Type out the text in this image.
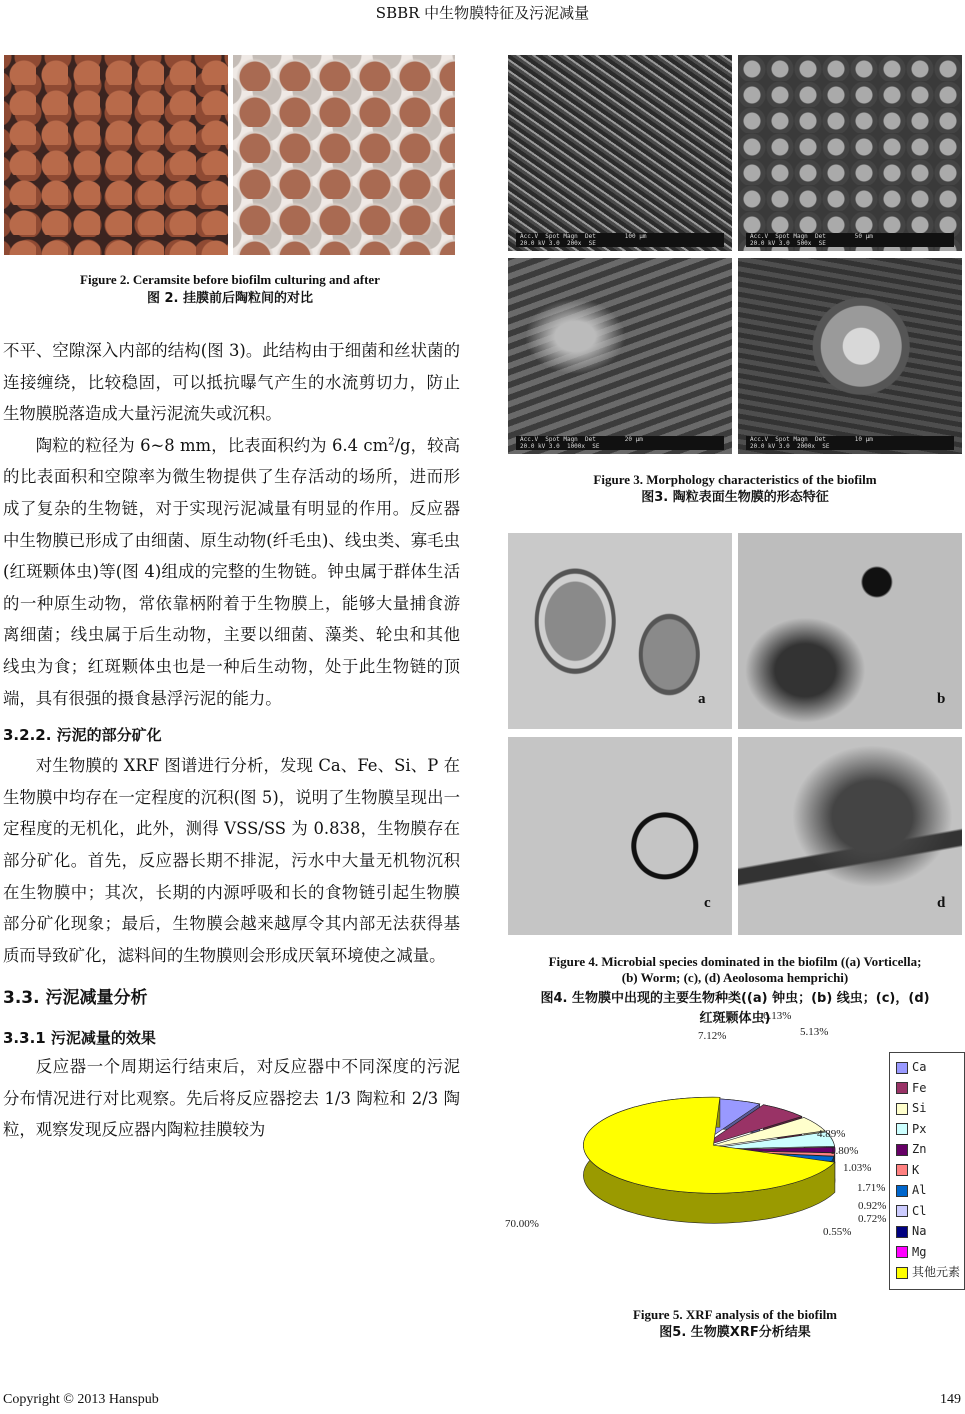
SBBR 中生物膜特征及污泥减量
Figure 2. Ceramsite before biofilm culturing and after
图 2. 挂膜前后陶粒间的对比
Acc.V  Spot Magn  Det        100 μm
20.0 kV 3.0  200x  SE
Acc.V  Spot Magn  Det        50 μm
20.0 kV 3.0  500x  SE
Acc.V  Spot Magn  Det        20 μm
20.0 kV 3.0  1000x  SE
Acc.V  Spot Magn  Det        10 μm
20.0 kV 3.0  2000x  SE
Figure 3. Morphology characteristics of the biofilm
图3. 陶粒表面生物膜的形态特征
a	b
c	d
Figure 4. Microbial species dominated in the biofilm ((a) Vorticella;
(b) Worm; (c), (d) Aeolosoma hemprichi)
图4. 生物膜中出现的主要生物种类((a) 钟虫；(b) 线虫；(c)，(d)
红斑颗体虫)
7.12%
6.13%
5.13%
4.89%
1.80%
1.03%
1.71%
0.92%
0.72%
0.55%
70.00%
Ca
Fe
Si
Px
Zn
K
Al
Cl
Na
Mg
其他元素
Figure 5. XRF analysis of the biofilm
图5. 生物膜XRF分析结果

不平、空隙深入内部的结构(图 3)。此结构由于细菌和丝状菌的连接缠绕，比较稳固，可以抵抗曝气产生的水流剪切力，防止生物膜脱落造成大量污泥流失或沉积。

陶粒的粒径为 6~8 mm，比表面积约为 6.4 $cm^2/g$，较高的比表面积和空隙率为微生物提供了生存活动的场所，进而形成了复杂的生物链，对于实现污泥减量有明显的作用。反应器中生物膜已形成了由细菌、原生动物(纤毛虫)、线虫类、寡毛虫(红斑颗体虫)等(图 4)组成的完整的生物链。钟虫属于群体生活的一种原生动物，常依靠柄附着于生物膜上，能够大量捕食游离细菌；线虫属于后生动物，主要以细菌、藻类、轮虫和其他线虫为食；红斑颗体虫也是一种后生动物，处于此生物链的顶端，具有很强的摄食悬浮污泥的能力。

3.2.2. 污泥的部分矿化

对生物膜的 XRF 图谱进行分析，发现 Ca、Fe、Si、P 在生物膜中均存在一定程度的沉积(图 5)，说明了生物膜呈现出一定程度的无机化，此外，测得 VSS/SS 为 0.838，生物膜存在部分矿化。首先，反应器长期不排泥，污水中大量无机物沉积在生物膜中；其次，长期的内源呼吸和长的食物链引起生物膜部分矿化现象；最后，生物膜会越来越厚令其内部无法获得基质而导致矿化，滤料间的生物膜则会形成厌氧环境使之减量。

3.3. 污泥减量分析
3.3.1 污泥减量的效果

反应器一个周期运行结束后，对反应器中不同深度的污泥分布情况进行对比观察。先后将反应器挖去 1/3 陶粒和 2/3 陶粒，观察发现反应器内陶粒挂膜较为

Copyright © 2013 Hanspub	149
